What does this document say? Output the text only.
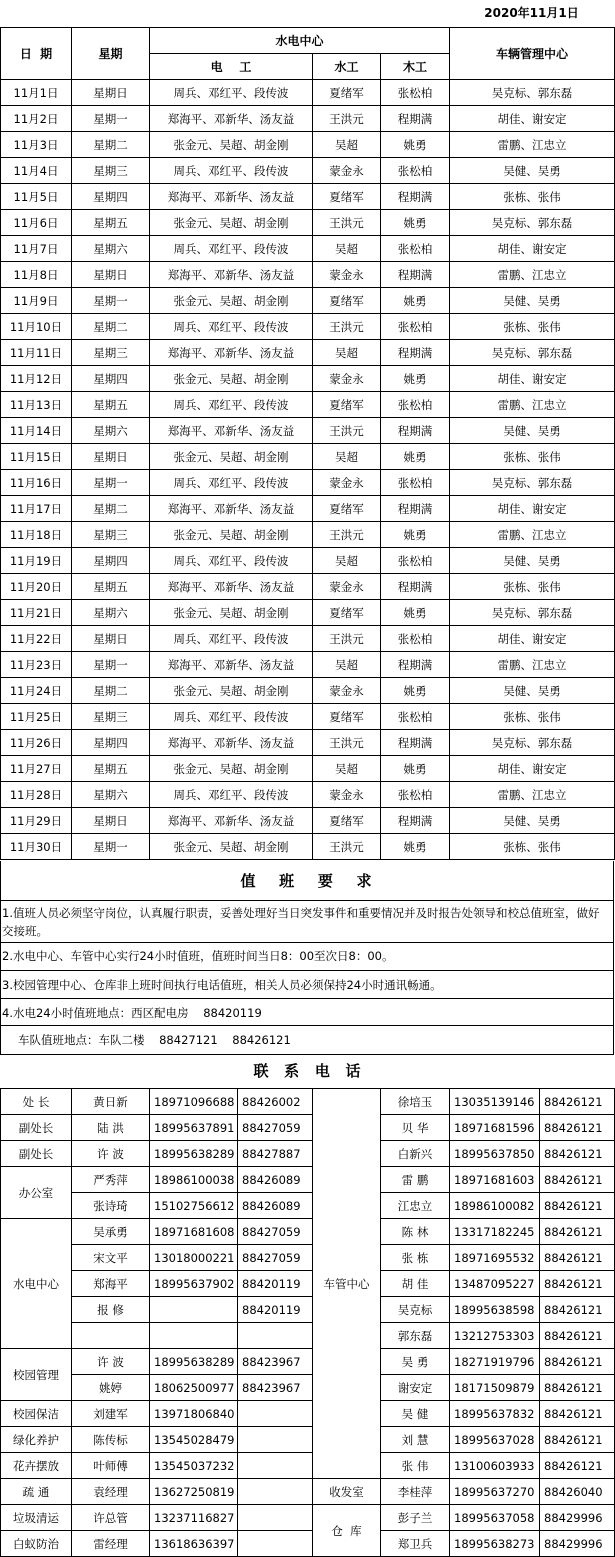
2020年11月1日
日  期	星期	水电中心			车辆管理中心
		电    工	水工	木工	
11月1日	星期日	周兵、邓红平、段传波	夏绪军	张松柏	吴克标、郭东磊
11月2日	星期一	郑海平、邓新华、汤友益	王洪元	程期满	胡佳、谢安定
11月3日	星期二	张金元、吴超、胡金刚	吴超	姚勇	雷鹏、江忠立
11月4日	星期三	周兵、邓红平、段传波	蒙金永	张松柏	吴健、吴勇
11月5日	星期四	郑海平、邓新华、汤友益	夏绪军	程期满	张栋、张伟
11月6日	星期五	张金元、吴超、胡金刚	王洪元	姚勇	吴克标、郭东磊
11月7日	星期六	周兵、邓红平、段传波	吴超	张松柏	胡佳、谢安定
11月8日	星期日	郑海平、邓新华、汤友益	蒙金永	程期满	雷鹏、江忠立
11月9日	星期一	张金元、吴超、胡金刚	夏绪军	姚勇	吴健、吴勇
11月10日	星期二	周兵、邓红平、段传波	王洪元	张松柏	张栋、张伟
11月11日	星期三	郑海平、邓新华、汤友益	吴超	程期满	吴克标、郭东磊
11月12日	星期四	张金元、吴超、胡金刚	蒙金永	姚勇	胡佳、谢安定
11月13日	星期五	周兵、邓红平、段传波	夏绪军	张松柏	雷鹏、江忠立
11月14日	星期六	郑海平、邓新华、汤友益	王洪元	程期满	吴健、吴勇
11月15日	星期日	张金元、吴超、胡金刚	吴超	姚勇	张栋、张伟
11月16日	星期一	周兵、邓红平、段传波	蒙金永	张松柏	吴克标、郭东磊
11月17日	星期二	郑海平、邓新华、汤友益	夏绪军	程期满	胡佳、谢安定
11月18日	星期三	张金元、吴超、胡金刚	王洪元	姚勇	雷鹏、江忠立
11月19日	星期四	周兵、邓红平、段传波	吴超	张松柏	吴健、吴勇
11月20日	星期五	郑海平、邓新华、汤友益	蒙金永	程期满	张栋、张伟
11月21日	星期六	张金元、吴超、胡金刚	夏绪军	姚勇	吴克标、郭东磊
11月22日	星期日	周兵、邓红平、段传波	王洪元	张松柏	胡佳、谢安定
11月23日	星期一	郑海平、邓新华、汤友益	吴超	程期满	雷鹏、江忠立
11月24日	星期二	张金元、吴超、胡金刚	蒙金永	姚勇	吴健、吴勇
11月25日	星期三	周兵、邓红平、段传波	夏绪军	张松柏	张栋、张伟
11月26日	星期四	郑海平、邓新华、汤友益	王洪元	程期满	吴克标、郭东磊
11月27日	星期五	张金元、吴超、胡金刚	吴超	姚勇	胡佳、谢安定
11月28日	星期六	周兵、邓红平、段传波	蒙金永	张松柏	雷鹏、江忠立
11月29日	星期日	郑海平、邓新华、汤友益	夏绪军	程期满	吴健、吴勇
11月30日	星期一	张金元、吴超、胡金刚	王洪元	姚勇	张栋、张伟
值   班   要   求
1.值班人员必须坚守岗位，认真履行职责，妥善处理好当日突发事件和重要情况并及时报告处领导和校总值班室，做好交接班。
2.水电中心、车管中心实行24小时值班，值班时间当日8：00至次日8：00。
3.校园管理中心、仓库非上班时间执行电话值班，相关人员必须保持24小时通讯畅通。
4.水电24小时值班地点：西区配电房    88420119
车队值班地点：车队二楼    88427121    88426121
联   系   电   话
处 长	黄日新	18971096688	88426002	车管中心	徐培玉	13035139146	88426121
副处长	陆 洪	18995637891	88427059		贝 华	18971681596	88426121
副处长	许 波	18995638289	88427887		白新兴	18995637850	88426121
办公室	严秀萍	18986100038	88426089		雷 鹏	18971681603	88426121
	张诗琦	15102756612	88426089		江忠立	18986100082	88426121
水电中心	吴承勇	18971681608	88427059		陈 林	13317182245	88426121
	宋文平	13018000221	88427059		张 栋	18971695532	88426121
	郑海平	18995637902	88420119		胡 佳	13487095227	88426121
	报 修		88420119		吴克标	18995638598	88426121
					郭东磊	13212753303	88426121
校园管理	许 波	18995638289	88423967		吴 勇	18271919796	88426121
	姚婷	18062500977	88423967		谢安定	18171509879	88426121
校园保洁	刘建军	13971806840			吴 健	18995637832	88426121
绿化养护	陈传标	13545028479			刘 慧	18995637028	88426121
花卉摆放	叶师傅	13545037232			张 伟	13100603933	88426121
疏 通	袁经理	13627250819		收发室	李桂萍	18995637270	88426040
垃圾清运	许总管	13237116827		仓  库	彭子兰	18995637058	88429996
白蚁防治	雷经理	13618636397			郑卫兵	18995638273	88429996
